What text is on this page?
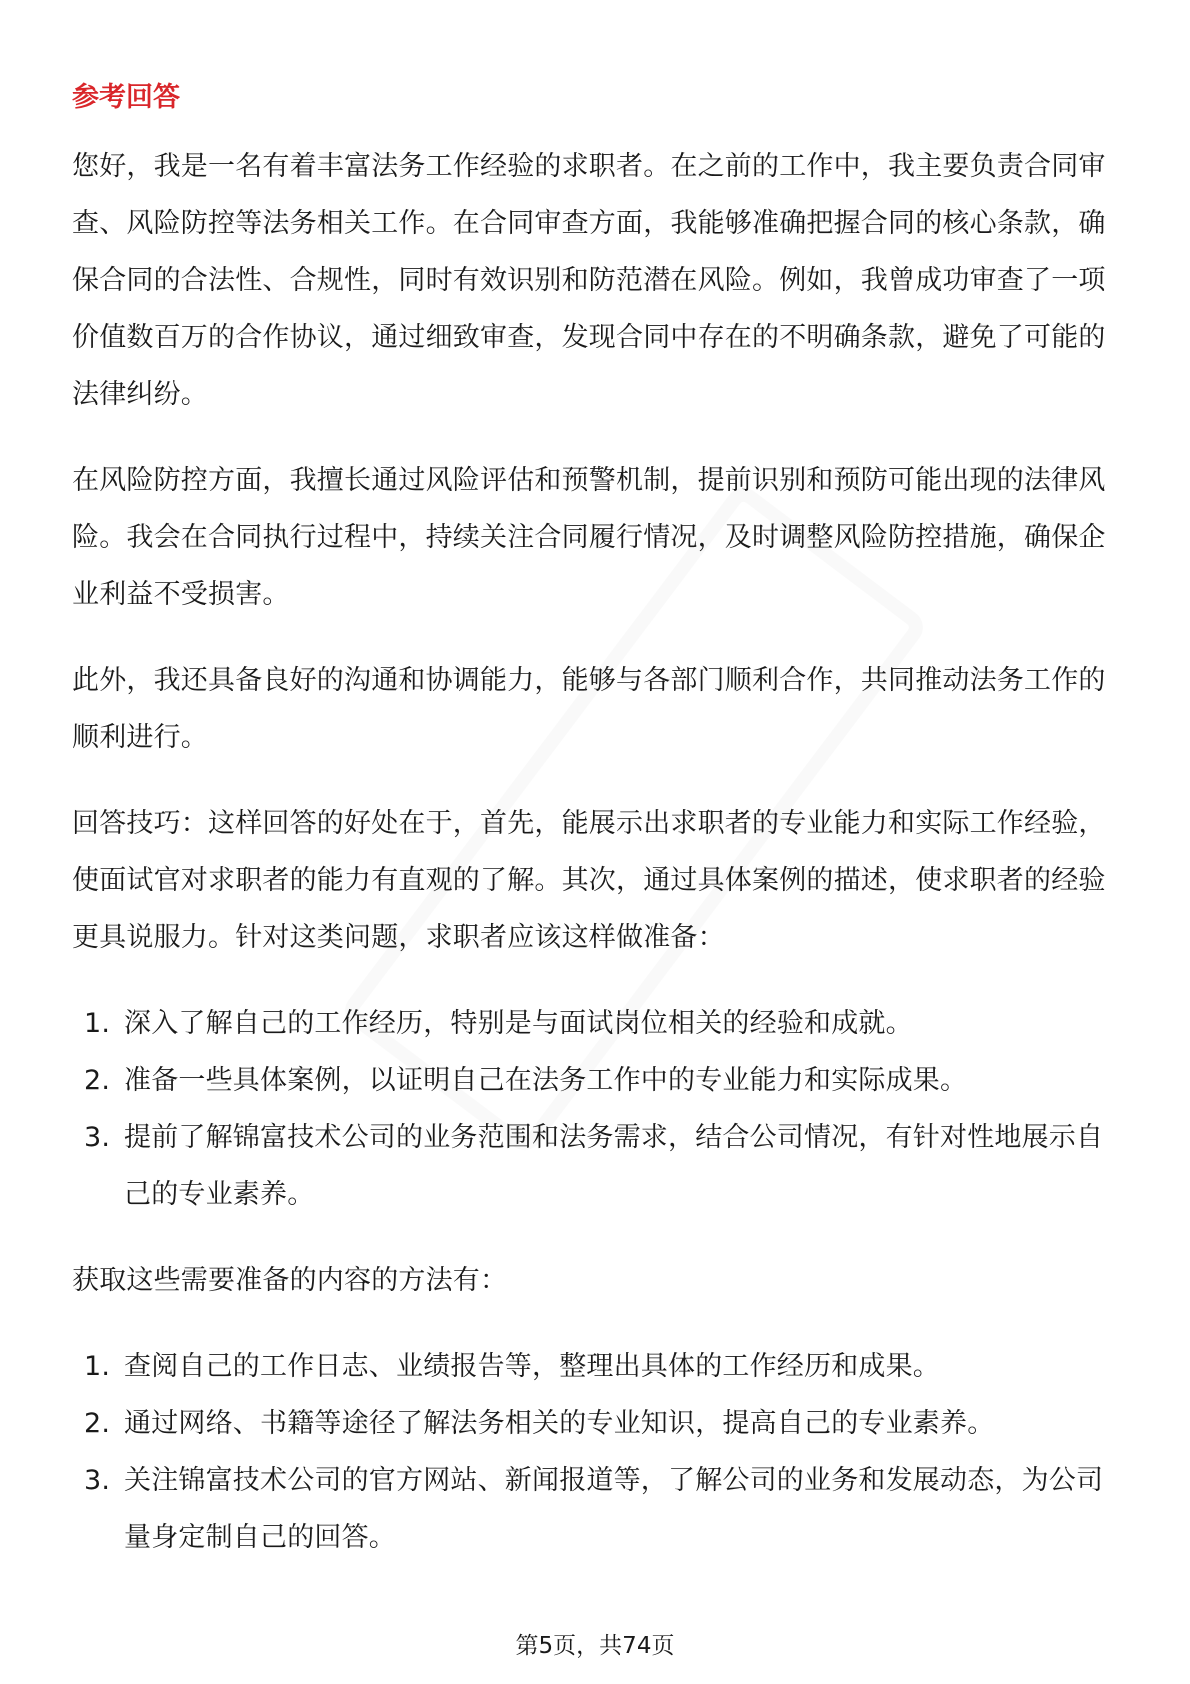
参考回答

您好，我是一名有着丰富法务工作经验的求职者。在之前的工作中，我主要负责合同审查、风险防控等法务相关工作。在合同审查方面，我能够准确把握合同的核心条款，确保合同的合法性、合规性，同时有效识别和防范潜在风险。例如，我曾成功审查了一项价值数百万的合作协议，通过细致审查，发现合同中存在的不明确条款，避免了可能的法律纠纷。

在风险防控方面，我擅长通过风险评估和预警机制，提前识别和预防可能出现的法律风险。我会在合同执行过程中，持续关注合同履行情况，及时调整风险防控措施，确保企业利益不受损害。

此外，我还具备良好的沟通和协调能力，能够与各部门顺利合作，共同推动法务工作的顺利进行。

回答技巧：这样回答的好处在于，首先，能展示出求职者的专业能力和实际工作经验，使面试官对求职者的能力有直观的了解。其次，通过具体案例的描述，使求职者的经验更具说服力。针对这类问题，求职者应该这样做准备：

1. 深入了解自己的工作经历，特别是与面试岗位相关的经验和成就。
2. 准备一些具体案例，以证明自己在法务工作中的专业能力和实际成果。
3. 提前了解锦富技术公司的业务范围和法务需求，结合公司情况，有针对性地展示自己的专业素养。

获取这些需要准备的内容的方法有：

1. 查阅自己的工作日志、业绩报告等，整理出具体的工作经历和成果。
2. 通过网络、书籍等途径了解法务相关的专业知识，提高自己的专业素养。
3. 关注锦富技术公司的官方网站、新闻报道等，了解公司的业务和发展动态，为公司量身定制自己的回答。
第5页，共74页
